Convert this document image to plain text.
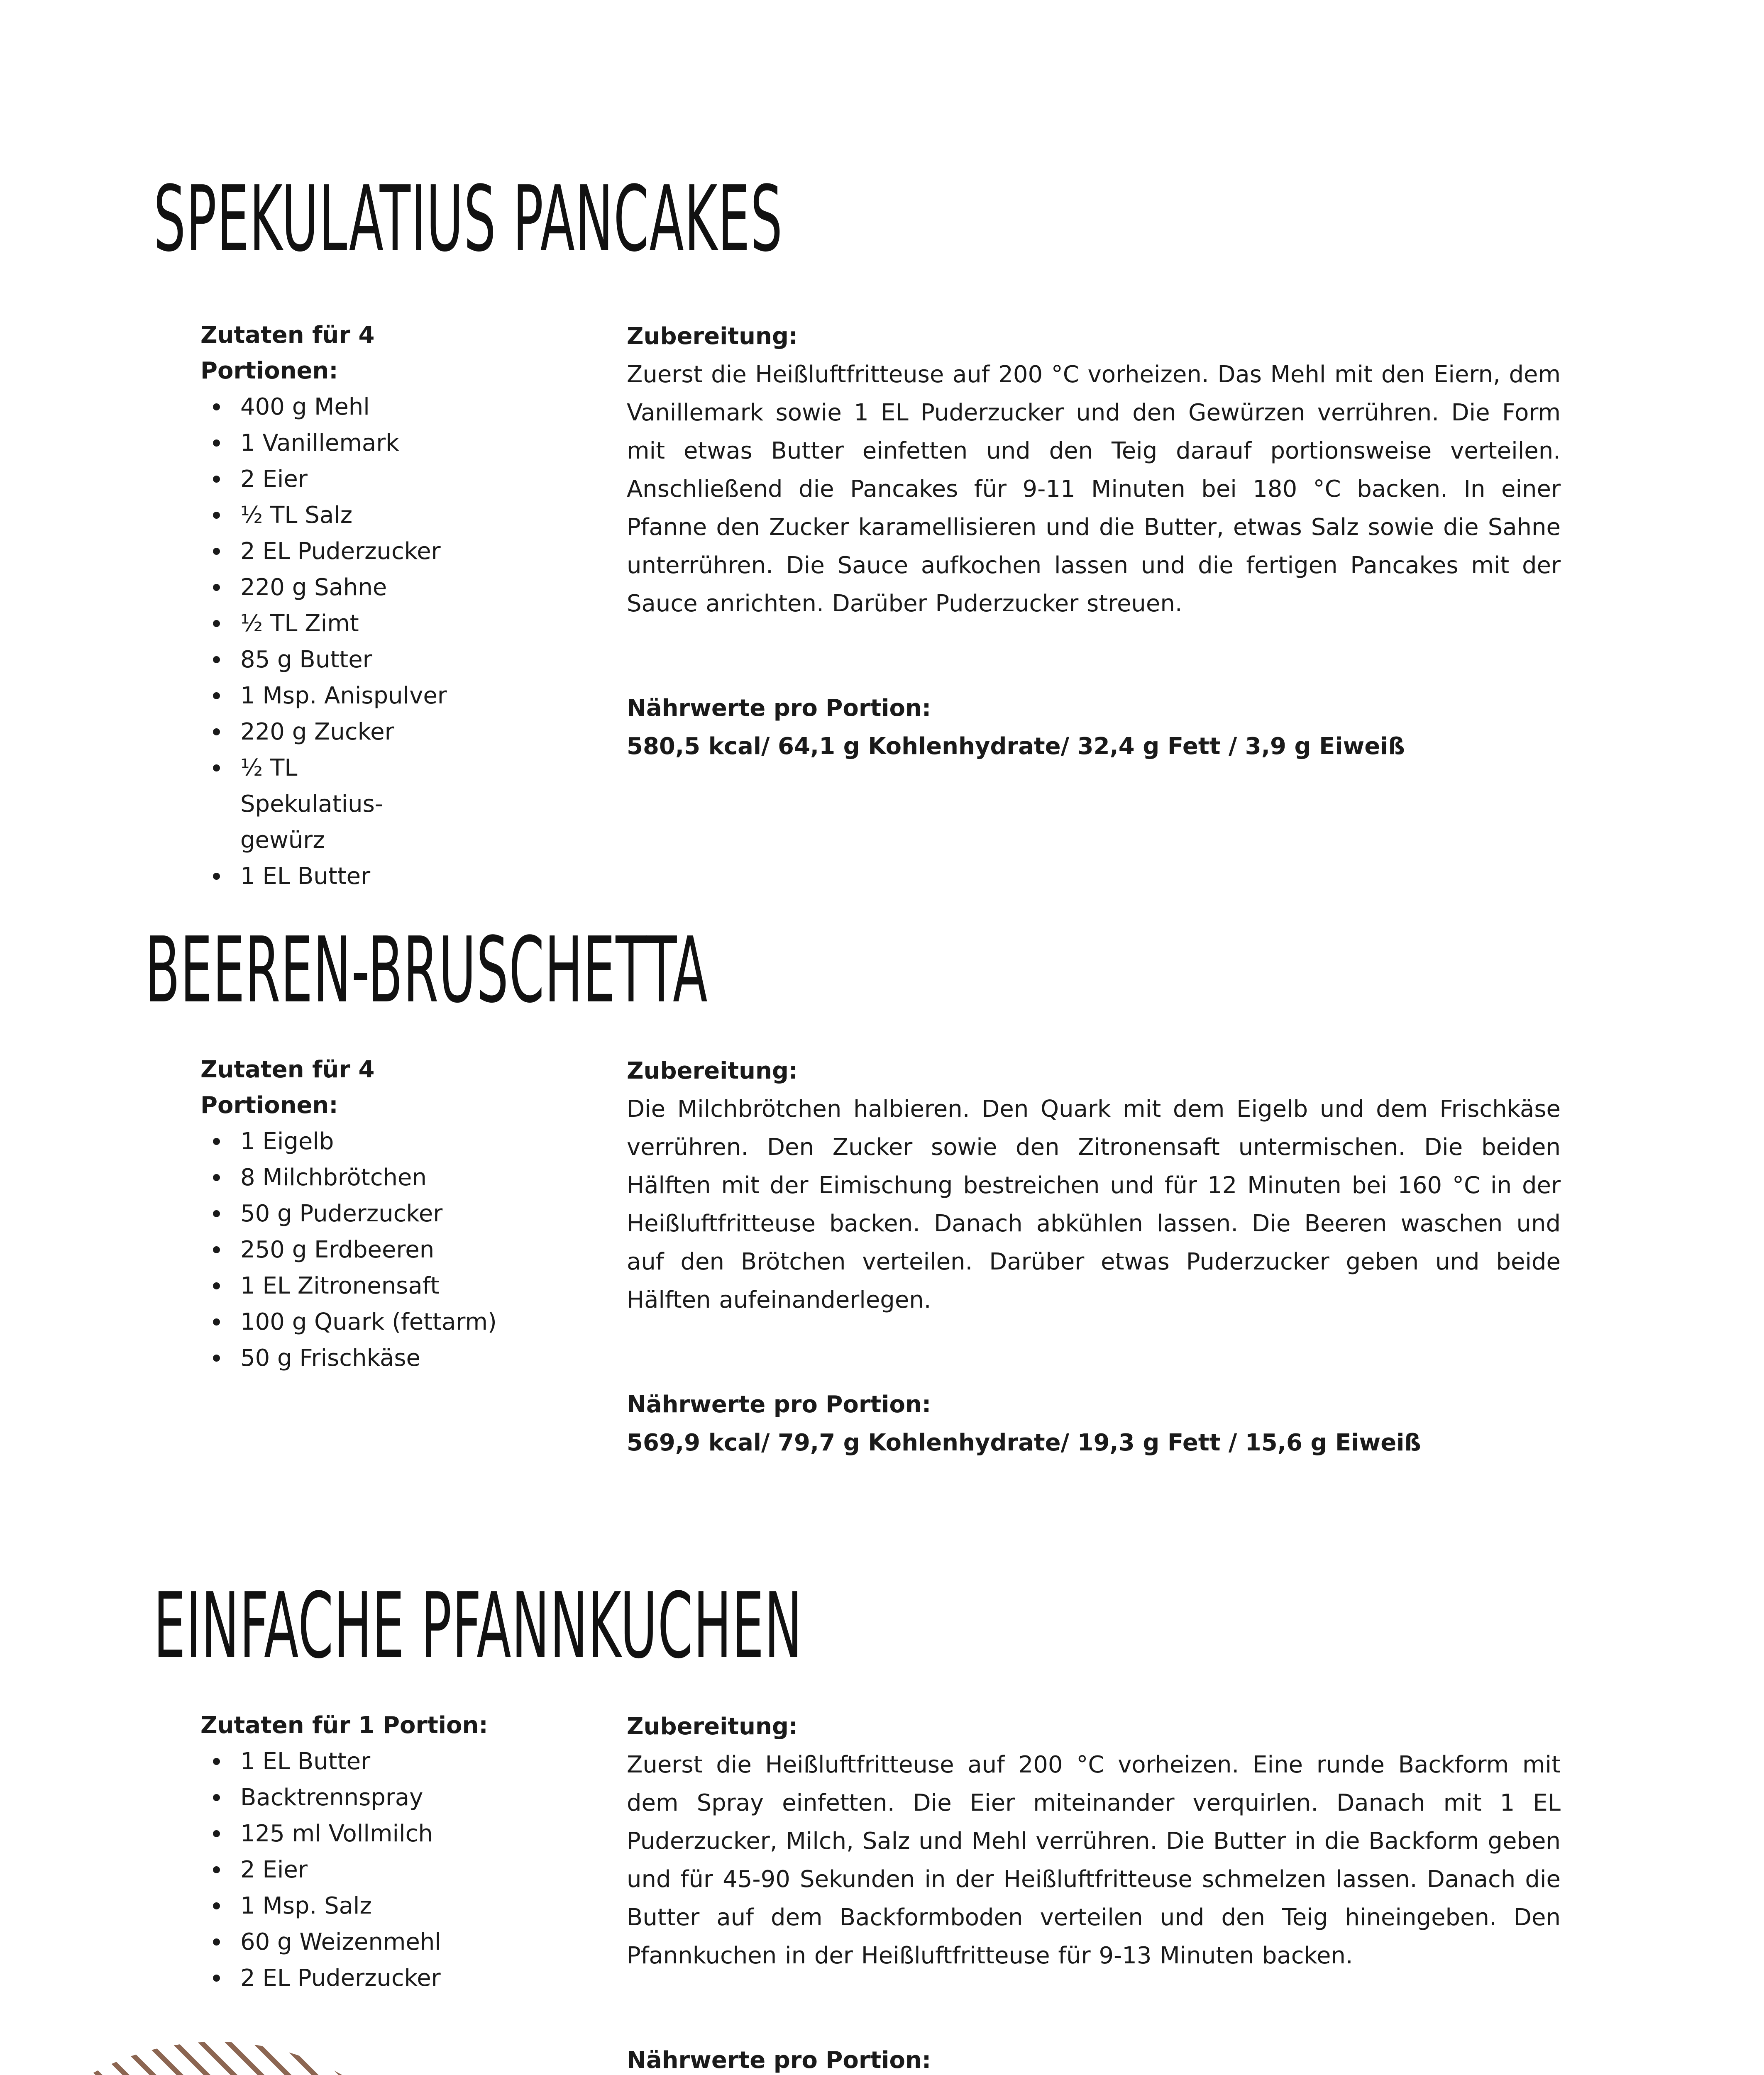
SPEKULATIUS PANCAKES

Zutaten für 4 Portionen:

400 g Mehl
1 Vanillemark
2 Eier
½ TL Salz
2 EL Puderzucker
220 g Sahne
½ TL Zimt
85 g Butter
1 Msp. Anispulver
220 g Zucker
½ TL Spekulatius-gewürz
1 EL Butter

Zubereitung:

Zuerst die Heißluftfritteuse auf 200 °C vorheizen. Das Mehl mit den Eiern, dem Vanillemark sowie 1 EL Puderzucker und den Gewürzen verrühren. Die Form mit etwas Butter einfetten und den Teig darauf portionsweise verteilen. Anschließend die Pancakes für 9-11 Minuten bei 180 °C backen. In einer Pfanne den Zucker karamellisieren und die Butter, etwas Salz sowie die Sahne unterrühren. Die Sauce aufkochen lassen und die fertigen Pancakes mit der Sauce anrichten. Darüber Puderzucker streuen.

Nährwerte pro Portion:

580,5 kcal/ 64,1 g Kohlenhydrate/ 32,4 g Fett / 3,9 g Eiweiß

BEEREN-BRUSCHETTA

Zutaten für 4 Portionen:

1 Eigelb
8 Milchbrötchen
50 g Puderzucker
250 g Erdbeeren
1 EL Zitronensaft
100 g Quark (fettarm)
50 g Frischkäse

Zubereitung:

Die Milchbrötchen halbieren. Den Quark mit dem Eigelb und dem Frischkäse verrühren. Den Zucker sowie den Zitronensaft untermischen. Die beiden Hälften mit der Eimischung bestreichen und für 12 Minuten bei 160 °C in der Heißluftfritteuse backen. Danach abkühlen lassen. Die Beeren waschen und auf den Brötchen verteilen. Darüber etwas Puderzucker geben und beide Hälften aufeinanderlegen.

Nährwerte pro Portion:

569,9 kcal/ 79,7 g Kohlenhydrate/ 19,3 g Fett / 15,6 g Eiweiß

EINFACHE PFANNKUCHEN

Zutaten für 1 Portion:

1 EL Butter
Backtrennspray
125 ml Vollmilch
2 Eier
1 Msp. Salz
60 g Weizenmehl
2 EL Puderzucker

Zubereitung:

Zuerst die Heißluftfritteuse auf 200 °C vorheizen. Eine runde Backform mit dem Spray einfetten. Die Eier miteinander verquirlen. Danach mit 1 EL Puderzucker, Milch, Salz und Mehl verrühren. Die Butter in die Backform geben und für 45-90 Sekunden in der Heißluftfritteuse schmelzen lassen. Danach die Butter auf dem Backformboden verteilen und den Teig hineingeben. Den Pfannkuchen in der Heißluftfritteuse für 9-13 Minuten backen.

Nährwerte pro Portion:
